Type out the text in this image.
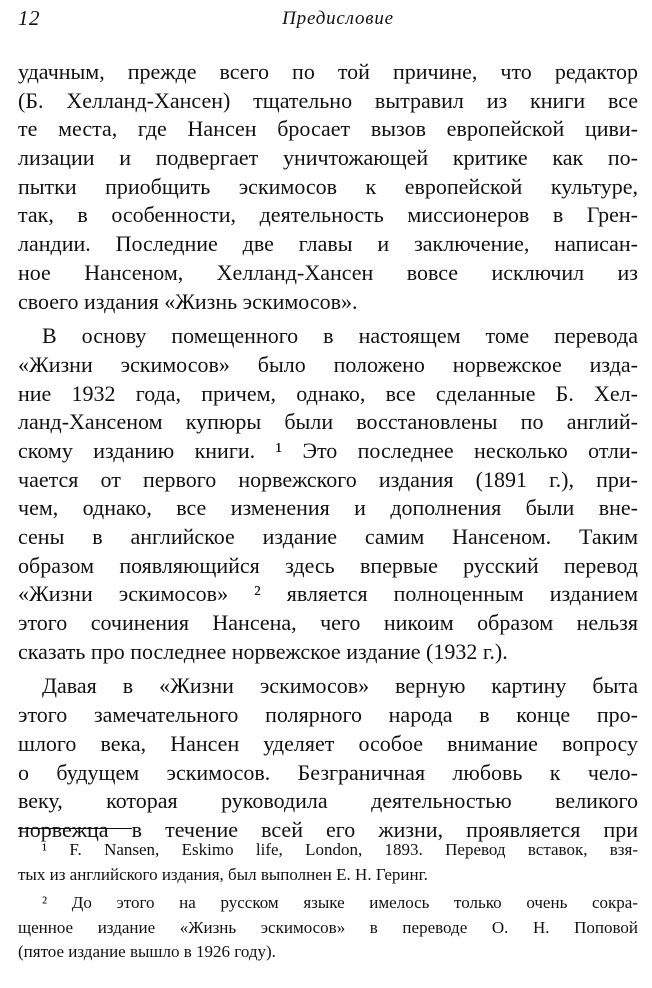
12	Предисловие
удачным, прежде всего по той причине, что редактор
(Б. Хелланд-Хансен) тщательно вытравил из книги все
те места, где Нансен бросает вызов европейской циви-
лизации и подвергает уничтожающей критике как по-
пытки приобщить эскимосов к европейской культуре,
так, в особенности, деятельность миссионеров в Грен-
ландии. Последние две главы и заключение, написан-
ное Нансеном, Хелланд-Хансен вовсе исключил из
своего издания «Жизнь эскимосов».
В основу помещенного в настоящем томе перевода
«Жизни эскимосов» было положено норвежское изда-
ние 1932 года, причем, однако, все сделанные Б. Хел-
ланд-Хансеном купюры были восстановлены по англий-
скому изданию книги. ¹ Это последнее несколько отли-
чается от первого норвежского издания (1891 г.), при-
чем, однако, все изменения и дополнения были вне-
сены в английское издание самим Нансеном. Таким
образом появляющийся здесь впервые русский перевод
«Жизни эскимосов» ² является полноценным изданием
этого сочинения Нансена, чего никоим образом нельзя
сказать про последнее норвежское издание (1932 г.).
Давая в «Жизни эскимосов» верную картину быта
этого замечательного полярного народа в конце про-
шлого века, Нансен уделяет особое внимание вопросу
о будущем эскимосов. Безграничная любовь к чело-
веку, которая руководила деятельностью великого
норвежца в течение всей его жизни, проявляется при
¹ F. Nansen, Eskimo life, London, 1893. Перевод вставок, взя-
тых из английского издания, был выполнен Е. Н. Геринг.
² До этого на русском языке имелось только очень сокра-
щенное издание «Жизнь эскимосов» в переводе О. Н. Поповой
(пятое издание вышло в 1926 году).
